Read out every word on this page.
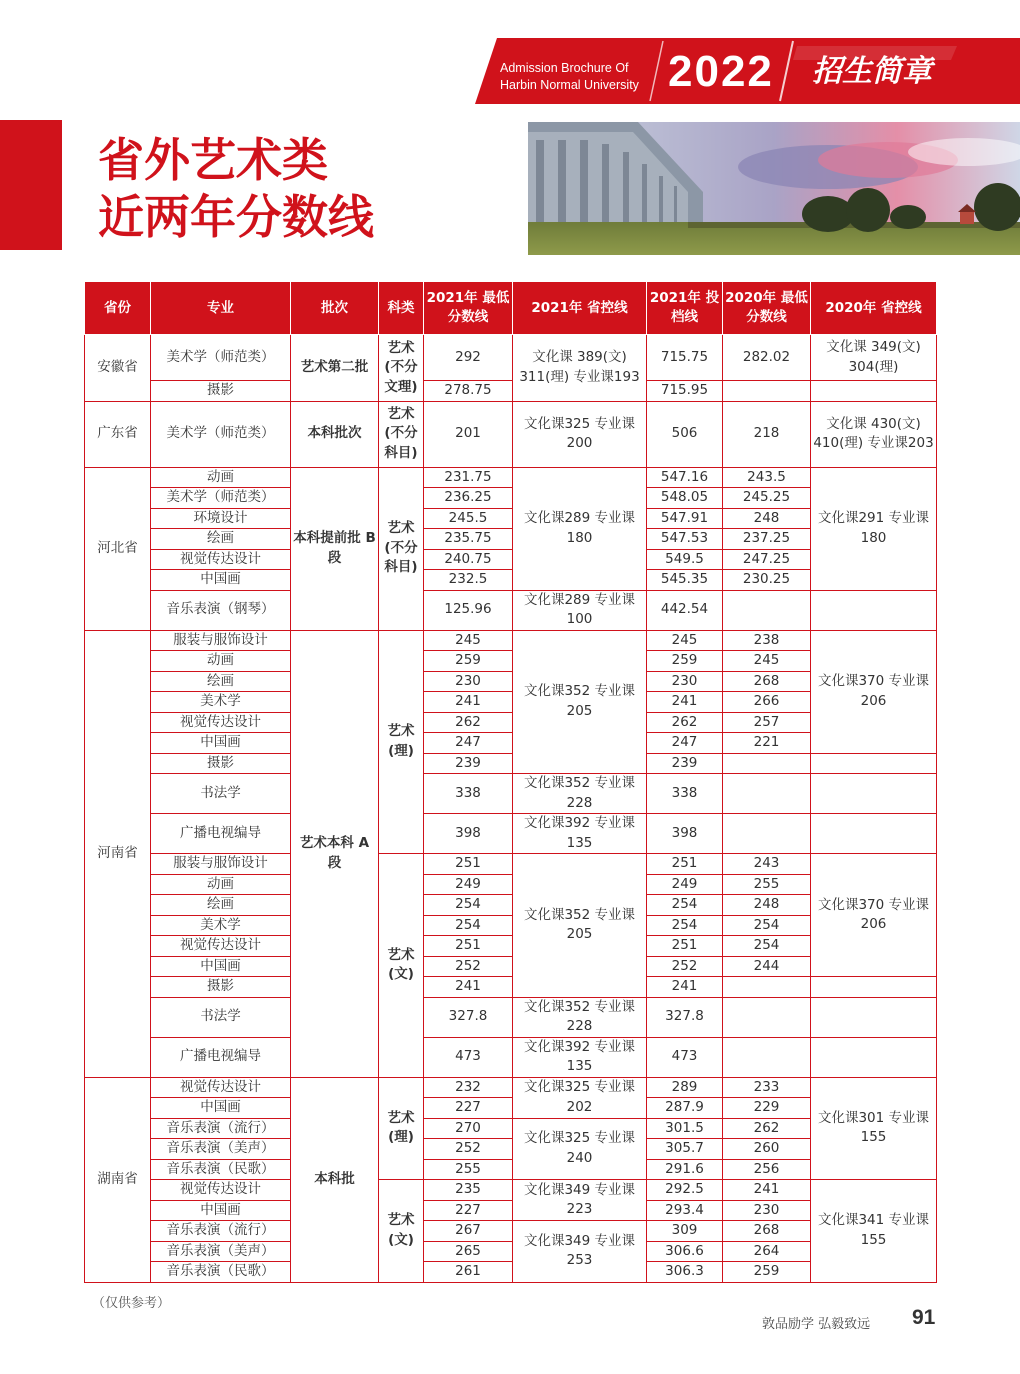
Admission Brochure Of
Harbin Normal University 2022 招生简章
省外艺术类
近两年分数线
省份	专业	批次	科类	2021年 最低分数线	2021年 省控线	2021年 投档线	2020年 最低分数线	2020年 省控线
安徽省	美术学（师范类）	艺术第二批	艺术 (不分 文理)	292	文化课 389(文) 311(理) 专业课193	715.75	282.02	文化课 349(文) 304(理)
	摄影			278.75		715.95		
广东省	美术学（师范类）	本科批次	艺术 (不分 科目)	201	文化课325 专业课200	506	218	文化课 430(文) 410(理) 专业课203
河北省	动画	本科提前批 B段	艺术 (不分 科目)	231.75	文化课289 专业课180	547.16	243.5	文化课291 专业课180
	美术学（师范类）			236.25		548.05	245.25	
	环境设计			245.5		547.91	248	
	绘画			235.75		547.53	237.25	
	视觉传达设计			240.75		549.5	247.25	
	中国画			232.5		545.35	230.25	
	音乐表演（钢琴）			125.96	文化课289 专业课100	442.54		
河南省	服装与服饰设计	艺术本科 A 段	艺术 (理)	245	文化课352 专业课205	245	238	文化课370 专业课206
	动画			259		259	245	
	绘画			230		230	268	
	美术学			241		241	266	
	视觉传达设计			262		262	257	
	中国画			247		247	221	
	摄影			239		239		
	书法学			338	文化课352 专业课228	338		
	广播电视编导			398	文化课392 专业课135	398		
	服装与服饰设计		艺术 (文)	251	文化课352 专业课205	251	243	文化课370 专业课206
	动画			249		249	255	
	绘画			254		254	248	
	美术学			254		254	254	
	视觉传达设计			251		251	254	
	中国画			252		252	244	
	摄影			241		241		
	书法学			327.8	文化课352 专业课228	327.8		
	广播电视编导			473	文化课392 专业课135	473		
湖南省	视觉传达设计	本科批	艺术 (理)	232	文化课325 专业课202	289	233	文化课301 专业课155
	中国画			227		287.9	229	
	音乐表演（流行）			270	文化课325 专业课240	301.5	262	
	音乐表演（美声）			252		305.7	260	
	音乐表演（民歌）			255		291.6	256	
	视觉传达设计		艺术 (文)	235	文化课349 专业课223	292.5	241	文化课341 专业课155
	中国画			227		293.4	230	
	音乐表演（流行）			267	文化课349 专业课253	309	268	
	音乐表演（美声）			265		306.6	264	
	音乐表演（民歌）			261		306.3	259	
（仅供参考）
敦品励学 弘毅致远 91
